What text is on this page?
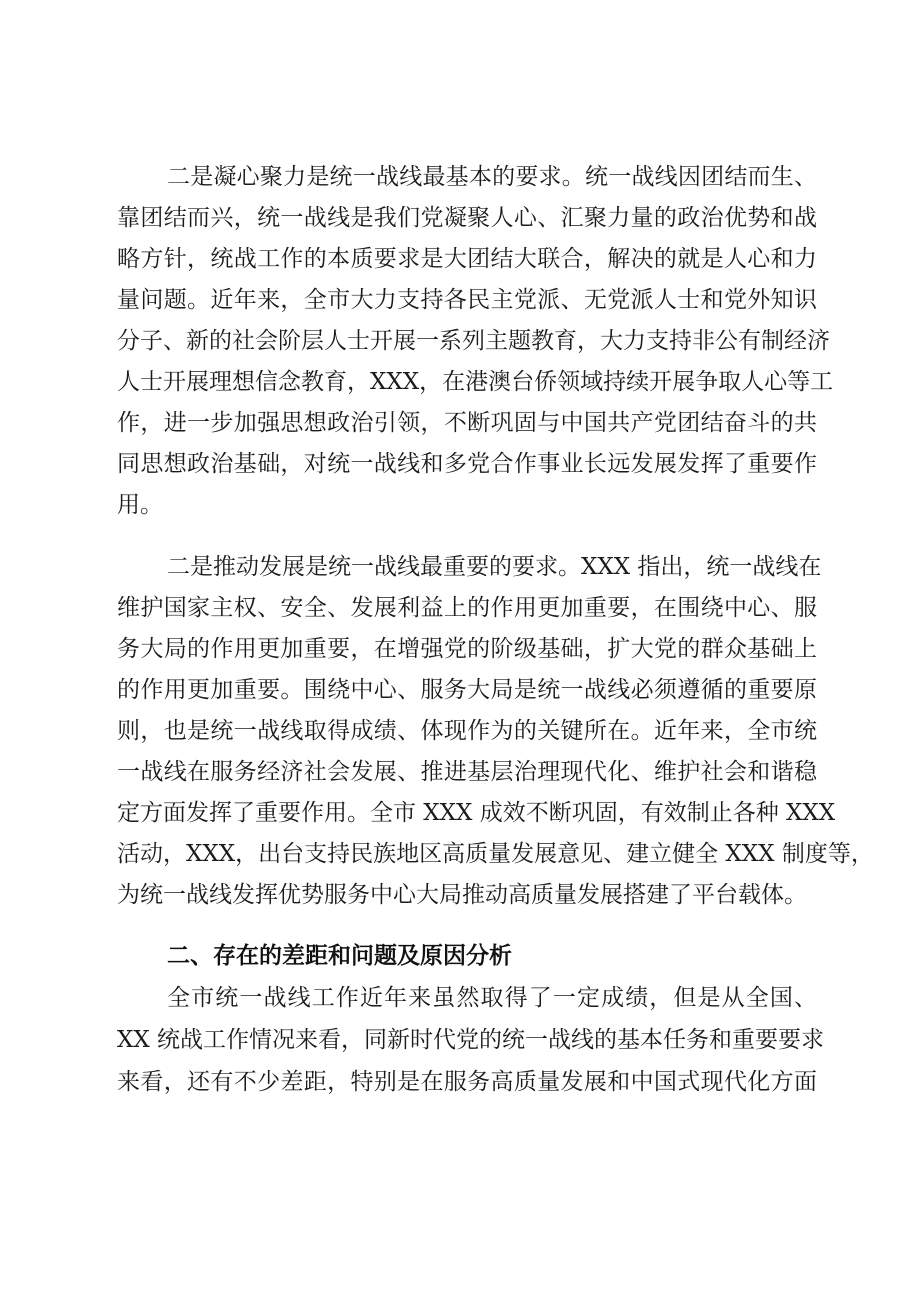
二是凝心聚力是统一战线最基本的要求。统一战线因团结而生、
靠团结而兴，统一战线是我们党凝聚人心、汇聚力量的政治优势和战
略方针，统战工作的本质要求是大团结大联合，解决的就是人心和力
量问题。近年来，全市大力支持各民主党派、无党派人士和党外知识
分子、新的社会阶层人士开展一系列主题教育，大力支持非公有制经济
人士开展理想信念教育，XXX，在港澳台侨领域持续开展争取人心等工
作，进一步加强思想政治引领，不断巩固与中国共产党团结奋斗的共
同思想政治基础，对统一战线和多党合作事业长远发展发挥了重要作
用。
二是推动发展是统一战线最重要的要求。XXX 指出，统一战线在
维护国家主权、安全、发展利益上的作用更加重要，在围绕中心、服
务大局的作用更加重要，在增强党的阶级基础，扩大党的群众基础上
的作用更加重要。围绕中心、服务大局是统一战线必须遵循的重要原
则，也是统一战线取得成绩、体现作为的关键所在。近年来，全市统
一战线在服务经济社会发展、推进基层治理现代化、维护社会和谐稳
定方面发挥了重要作用。全市 XXX 成效不断巩固，有效制止各种 XXX
活动，XXX，出台支持民族地区高质量发展意见、建立健全 XXX 制度等，
为统一战线发挥优势服务中心大局推动高质量发展搭建了平台载体。
二、存在的差距和问题及原因分析
全市统一战线工作近年来虽然取得了一定成绩，但是从全国、
XX 统战工作情况来看，同新时代党的统一战线的基本任务和重要要求
来看，还有不少差距，特别是在服务高质量发展和中国式现代化方面
